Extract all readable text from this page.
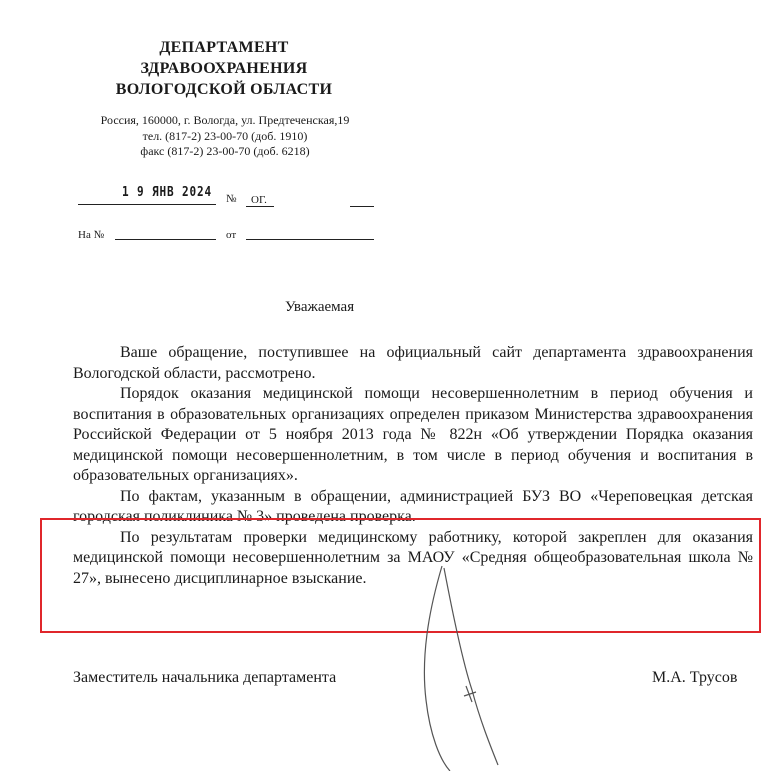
ДЕПАРТАМЕНТ
ЗДРАВООХРАНЕНИЯ
ВОЛОГОДСКОЙ ОБЛАСТИ
Россия, 160000, г. Вологда, ул. Предтеченская,19
тел. (817-2) 23-00-70 (доб. 1910)
факс (817-2) 23-00-70 (доб. 6218)
1 9 ЯНВ 2024 № ОГ.
На №	от
Уважаемая

Ваше обращение, поступившее на официальный сайт департамента здравоохранения Вологодской области, рассмотрено.

Порядок оказания медицинской помощи несовершеннолетним в период обучения и воспитания в образовательных организациях определен приказом Министерства здравоохранения Российской Федерации от 5 ноября 2013 года № 822н «Об утверждении Порядка оказания медицинской помощи несовершеннолетним, в том числе в период обучения и воспитания в образовательных организациях».

По фактам, указанным в обращении, администрацией БУЗ ВО «Череповецкая детская городская поликлиника № 3» проведена проверка.

По результатам проверки медицинскому работнику, которой закреплен для оказания медицинской помощи несовершеннолетним за МАОУ «Средняя общеобразовательная школа № 27», вынесено дисциплинарное взыскание.

Заместитель начальника департамента	М.А. Трусов
